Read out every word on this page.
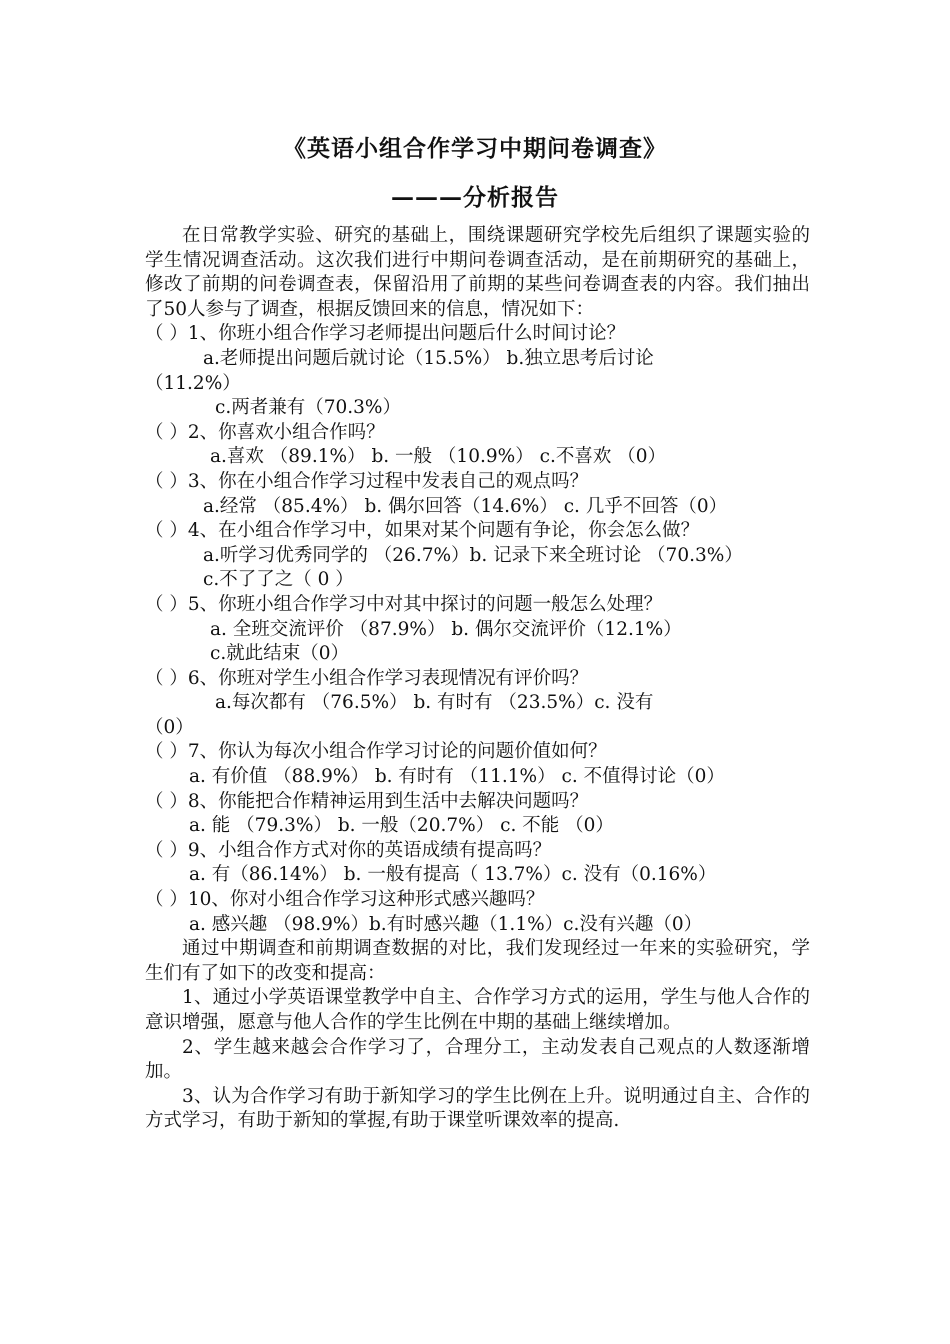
《英语小组合作学习中期问卷调查》
———分析报告

在日常教学实验、研究的基础上，围绕课题研究学校先后组织了课题实验的学生情况调查活动。这次我们进行中期问卷调查活动，是在前期研究的基础上，修改了前期的问卷调查表，保留沿用了前期的某些问卷调查表的内容。我们抽出了50人参与了调查，根据反馈回来的信息，情况如下：

（ ）1、你班小组合作学习老师提出问题后什么时间讨论？

a.老师提出问题后就讨论（15.5%） b.独立思考后讨论

（11.2%）

c.两者兼有（70.3%）

（ ）2、你喜欢小组合作吗？

a.喜欢 （89.1%） b. 一般 （10.9%） c.不喜欢 （0）

（ ）3、你在小组合作学习过程中发表自己的观点吗？

a.经常 （85.4%） b. 偶尔回答（14.6%） c. 几乎不回答（0）

（ ）4、在小组合作学习中，如果对某个问题有争论，你会怎么做？

a.听学习优秀同学的 （26.7%）b. 记录下来全班讨论 （70.3%）

c.不了了之（ 0 ）

（ ）5、你班小组合作学习中对其中探讨的问题一般怎么处理？

a. 全班交流评价 （87.9%） b. 偶尔交流评价（12.1%）

c.就此结束（0）

（ ）6、你班对学生小组合作学习表现情况有评价吗？

a.每次都有 （76.5%） b. 有时有 （23.5%）c. 没有

（0）

（ ）7、你认为每次小组合作学习讨论的问题价值如何？

a. 有价值 （88.9%） b. 有时有 （11.1%） c. 不值得讨论（0）

（ ）8、你能把合作精神运用到生活中去解决问题吗？

a. 能 （79.3%） b. 一般（20.7%） c. 不能 （0）

（ ）9、小组合作方式对你的英语成绩有提高吗？

a. 有（86.14%） b. 一般有提高（ 13.7%）c. 没有（0.16%）

（ ）10、你对小组合作学习这种形式感兴趣吗？

a. 感兴趣 （98.9%）b.有时感兴趣（1.1%）c.没有兴趣（0）

通过中期调查和前期调查数据的对比，我们发现经过一年来的实验研究，学生们有了如下的改变和提高：

1、通过小学英语课堂教学中自主、合作学习方式的运用，学生与他人合作的意识增强，愿意与他人合作的学生比例在中期的基础上继续增加。

2、学生越来越会合作学习了，合理分工，主动发表自己观点的人数逐渐增加。

3、认为合作学习有助于新知学习的学生比例在上升。说明通过自主、合作的方式学习，有助于新知的掌握,有助于课堂听课效率的提高.
